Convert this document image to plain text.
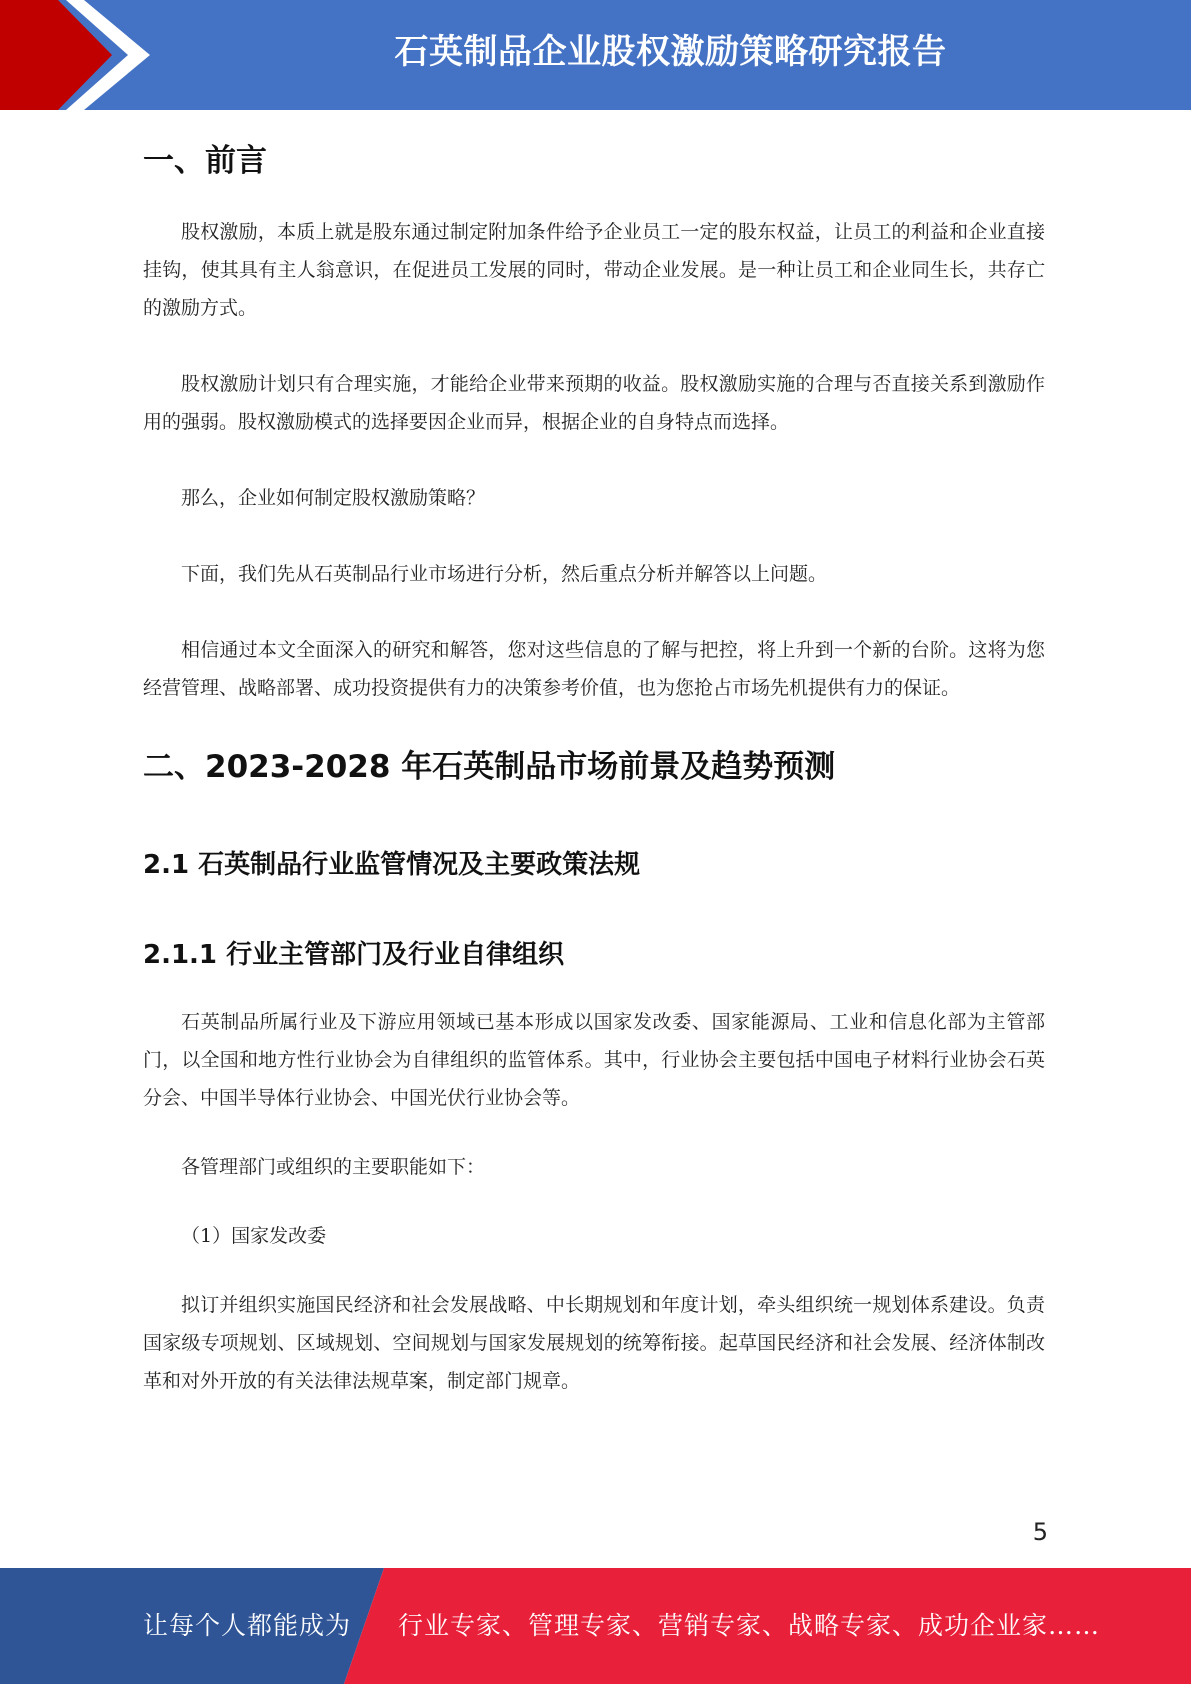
石英制品企业股权激励策略研究报告
一、前言

股权激励，本质上就是股东通过制定附加条件给予企业员工一定的股东权益，让员工的利益和企业直接挂钩，使其具有主人翁意识，在促进员工发展的同时，带动企业发展。是一种让员工和企业同生长，共存亡的激励方式。

股权激励计划只有合理实施，才能给企业带来预期的收益。股权激励实施的合理与否直接关系到激励作用的强弱。股权激励模式的选择要因企业而异，根据企业的自身特点而选择。

那么，企业如何制定股权激励策略？

下面，我们先从石英制品行业市场进行分析，然后重点分析并解答以上问题。

相信通过本文全面深入的研究和解答，您对这些信息的了解与把控，将上升到一个新的台阶。这将为您经营管理、战略部署、成功投资提供有力的决策参考价值，也为您抢占市场先机提供有力的保证。

二、2023-2028 年石英制品市场前景及趋势预测
2.1 石英制品行业监管情况及主要政策法规
2.1.1 行业主管部门及行业自律组织

石英制品所属行业及下游应用领域已基本形成以国家发改委、国家能源局、工业和信息化部为主管部门，以全国和地方性行业协会为自律组织的监管体系。其中，行业协会主要包括中国电子材料行业协会石英分会、中国半导体行业协会、中国光伏行业协会等。

各管理部门或组织的主要职能如下：

（1）国家发改委

拟订并组织实施国民经济和社会发展战略、中长期规划和年度计划，牵头组织统一规划体系建设。负责国家级专项规划、区域规划、空间规划与国家发展规划的统筹衔接。起草国民经济和社会发展、经济体制改革和对外开放的有关法律法规草案，制定部门规章。

5
让每个人都能成为 行业专家、管理专家、营销专家、战略专家、成功企业家……
